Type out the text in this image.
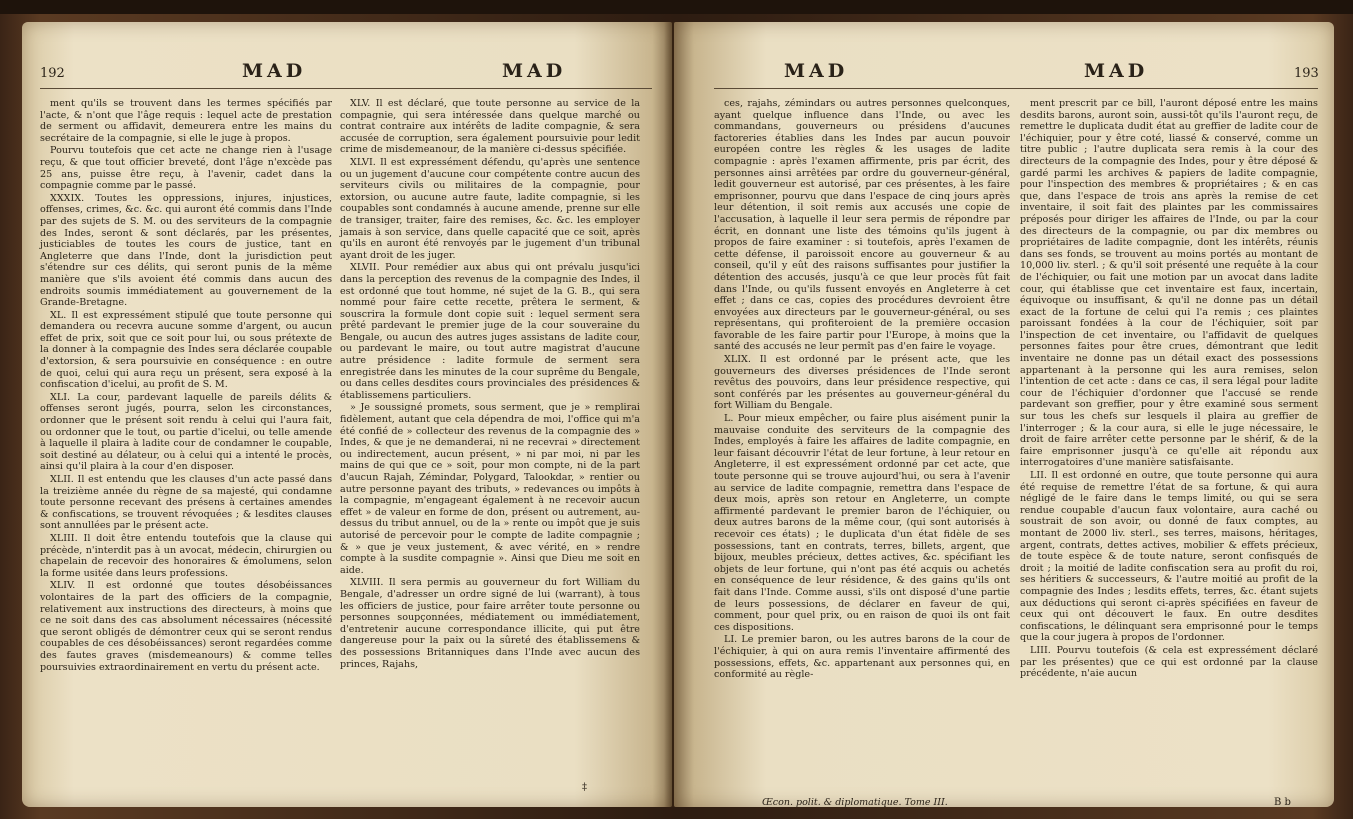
192	MAD	MAD

ment qu'ils se trouvent dans les termes spécifiés par l'acte, & n'ont que l'âge requis : lequel acte de prestation de serment ou affidavit, demeurera entre les mains du secrétaire de la compagnie, si elle le juge à propos.

Pourvu toutefois que cet acte ne change rien à l'usage reçu, & que tout officier breveté, dont l'âge n'excède pas 25 ans, puisse être reçu, à l'avenir, cadet dans la compagnie comme par le passé.

XXXIX. Toutes les oppressions, injures, injustices, offenses, crimes, &c. &c. qui auront été commis dans l'Inde par des sujets de S. M. ou des serviteurs de la compagnie des Indes, seront & sont déclarés, par les présentes, justiciables de toutes les cours de justice, tant en Angleterre que dans l'Inde, dont la jurisdiction peut s'étendre sur ces délits, qui seront punis de la même manière que s'ils avoient été commis dans aucun des endroits soumis immédiatement au gouvernement de la Grande-Bretagne.

XL. Il est expressément stipulé que toute personne qui demandera ou recevra aucune somme d'argent, ou aucun effet de prix, soit que ce soit pour lui, ou sous prétexte de la donner à la compagnie des Indes sera déclarée coupable d'extorsion, & sera poursuivie en conséquence : en outre de quoi, celui qui aura reçu un présent, sera exposé à la confiscation d'icelui, au profit de S. M.

XLI. La cour, pardevant laquelle de pareils délits & offenses seront jugés, pourra, selon les circonstances, ordonner que le présent soit rendu à celui qui l'aura fait, ou ordonner que le tout, ou partie d'icelui, ou telle amende à laquelle il plaira à ladite cour de condamner le coupable, soit destiné au délateur, ou à celui qui a intenté le procès, ainsi qu'il plaira à la cour d'en disposer.

XLII. Il est entendu que les clauses d'un acte passé dans la treizième année du règne de sa majesté, qui condamne toute personne recevant des présens à certaines amendes & confiscations, se trouvent révoquées ; & lesdites clauses sont annullées par le présent acte.

XLIII. Il doit être entendu toutefois que la clause qui précède, n'interdit pas à un avocat, médecin, chirurgien ou chapelain de recevoir des honoraires & émolumens, selon la forme usitée dans leurs professions.

XLIV. Il est ordonné que toutes désobéissances volontaires de la part des officiers de la compagnie, relativement aux instructions des directeurs, à moins que ce ne soit dans des cas absolument nécessaires (nécessité que seront obligés de démontrer ceux qui se seront rendus coupables de ces désobéissances) seront regardées comme des fautes graves (misdemeanours) & comme telles poursuivies extraordinairement en vertu du présent acte.

XLV. Il est déclaré, que toute personne au service de la compagnie, qui sera intéressée dans quelque marché ou contrat contraire aux intérêts de ladite compagnie, & sera accusée de corruption, sera également poursuivie pour ledit crime de misdemeanour, de la manière ci-dessus spécifiée.

XLVI. Il est expressément défendu, qu'après une sentence ou un jugement d'aucune cour compétente contre aucun des serviteurs civils ou militaires de la compagnie, pour extorsion, ou aucune autre faute, ladite compagnie, si les coupables sont condamnés à aucune amende, prenne sur elle de transiger, traiter, faire des remises, &c. &c. les employer jamais à son service, dans quelle capacité que ce soit, après qu'ils en auront été renvoyés par le jugement d'un tribunal ayant droit de les juger.

XLVII. Pour remédier aux abus qui ont prévalu jusqu'ici dans la perception des revenus de la compagnie des Indes, il est ordonné que tout homme, né sujet de la G. B., qui sera nommé pour faire cette recette, prêtera le serment, & souscrira la formule dont copie suit : lequel serment sera prêté pardevant le premier juge de la cour souveraine du Bengale, ou aucun des autres juges assistans de ladite cour, ou pardevant le maire, ou tout autre magistrat d'aucune autre présidence : ladite formule de serment sera enregistrée dans les minutes de la cour suprême du Bengale, ou dans celles desdites cours provinciales des présidences & établissemens particuliers.

» Je soussigné promets, sous serment, que je » remplirai fidèlement, autant que cela dépendra de moi, l'office qui m'a été confié de » collecteur des revenus de la compagnie des » Indes, & que je ne demanderai, ni ne recevrai » directement ou indirectement, aucun présent, » ni par moi, ni par les mains de qui que ce » soit, pour mon compte, ni de la part d'aucun Rajah, Zémindar, Polygard, Talookdar, » rentier ou autre personne payant des tributs, » redevances ou impôts à la compagnie, m'engageant également à ne recevoir aucun effet » de valeur en forme de don, présent ou autrement, au-dessus du tribut annuel, ou de la » rente ou impôt que je suis autorisé de percevoir pour le compte de ladite compagnie ; & » que je veux justement, & avec vérité, en » rendre compte à la susdite compagnie ». Ainsi que Dieu me soit en aide.

XLVIII. Il sera permis au gouverneur du fort William du Bengale, d'adresser un ordre signé de lui (warrant), à tous les officiers de justice, pour faire arrêter toute personne ou personnes soupçonnées, médiatement ou immédiatement, d'entretenir aucune correspondance illicite, qui put être dangereuse pour la paix ou la sûreté des établissemens & des possessions Britanniques dans l'Inde avec aucun des princes, Rajahs,

‡
MAD	MAD	193

ces, rajahs, zémindars ou autres personnes quelconques, ayant quelque influence dans l'Inde, ou avec les commandans, gouverneurs ou présidens d'aucunes factoreries établies dans les Indes par aucun pouvoir européen contre les règles & les usages de ladite compagnie : après l'examen affirmente, pris par écrit, des personnes ainsi arrêtées par ordre du gouverneur-général, ledit gouverneur est autorisé, par ces présentes, à les faire emprisonner, pourvu que dans l'espace de cinq jours après leur détention, il soit remis aux accusés une copie de l'accusation, à laquelle il leur sera permis de répondre par écrit, en donnant une liste des témoins qu'ils jugent à propos de faire examiner : si toutefois, après l'examen de cette défense, il paroissoit encore au gouverneur & au conseil, qu'il y eût des raisons suffisantes pour justifier la détention des accusés, jusqu'à ce que leur procès fût fait dans l'Inde, ou qu'ils fussent envoyés en Angleterre à cet effet ; dans ce cas, copies des procédures devroient être envoyées aux directeurs par le gouverneur-général, ou ses représentans, qui profiteroient de la première occasion favorable de les faire partir pour l'Europe, à moins que la santé des accusés ne leur permît pas d'en faire le voyage.

XLIX. Il est ordonné par le présent acte, que les gouverneurs des diverses présidences de l'Inde seront revêtus des pouvoirs, dans leur présidence respective, qui sont conférés par les présentes au gouverneur-général du fort William du Bengale.

L. Pour mieux empêcher, ou faire plus aisément punir la mauvaise conduite des serviteurs de la compagnie des Indes, employés à faire les affaires de ladite compagnie, en leur faisant découvrir l'état de leur fortune, à leur retour en Angleterre, il est expressément ordonné par cet acte, que toute personne qui se trouve aujourd'hui, ou sera à l'avenir au service de ladite compagnie, remettra dans l'espace de deux mois, après son retour en Angleterre, un compte affirmenté pardevant le premier baron de l'échiquier, ou deux autres barons de la même cour, (qui sont autorisés à recevoir ces états) ; le duplicata d'un état fidèle de ses possessions, tant en contrats, terres, billets, argent, que bijoux, meubles précieux, dettes actives, &c. spécifiant les objets de leur fortune, qui n'ont pas été acquis ou achetés en conséquence de leur résidence, & des gains qu'ils ont fait dans l'Inde. Comme aussi, s'ils ont disposé d'une partie de leurs possessions, de déclarer en faveur de qui, comment, pour quel prix, ou en raison de quoi ils ont fait ces dispositions.

LI. Le premier baron, ou les autres barons de la cour de l'échiquier, à qui on aura remis l'inventaire affirmenté des possessions, effets, &c. appartenant aux personnes qui, en conformité au règle-

ment prescrit par ce bill, l'auront déposé entre les mains desdits barons, auront soin, aussi-tôt qu'ils l'auront reçu, de remettre le duplicata dudit état au greffier de ladite cour de l'échiquier, pour y être coté, liassé & conservé, comme un titre public ; l'autre duplicata sera remis à la cour des directeurs de la compagnie des Indes, pour y être déposé & gardé parmi les archives & papiers de ladite compagnie, pour l'inspection des membres & propriétaires ; & en cas que, dans l'espace de trois ans après la remise de cet inventaire, il soit fait des plaintes par les commissaires préposés pour diriger les affaires de l'Inde, ou par la cour des directeurs de la compagnie, ou par dix membres ou propriétaires de ladite compagnie, dont les intérêts, réunis dans ses fonds, se trouvent au moins portés au montant de 10,000 liv. sterl. ; & qu'il soit présenté une requête à la cour de l'échiquier, ou fait une motion par un avocat dans ladite cour, qui établisse que cet inventaire est faux, incertain, équivoque ou insuffisant, & qu'il ne donne pas un détail exact de la fortune de celui qui l'a remis ; ces plaintes paroissant fondées à la cour de l'échiquier, soit par l'inspection de cet inventaire, ou l'affidavit de quelques personnes faites pour être crues, démontrant que ledit inventaire ne donne pas un détail exact des possessions appartenant à la personne qui les aura remises, selon l'intention de cet acte : dans ce cas, il sera légal pour ladite cour de l'échiquier d'ordonner que l'accusé se rende pardevant son greffier, pour y être examiné sous serment sur tous les chefs sur lesquels il plaira au greffier de l'interroger ; & la cour aura, si elle le juge nécessaire, le droit de faire arrêter cette personne par le shérif, & de la faire emprisonner jusqu'à ce qu'elle ait répondu aux interrogatoires d'une manière satisfaisante.

LII. Il est ordonné en outre, que toute personne qui aura été requise de remettre l'état de sa fortune, & qui aura négligé de le faire dans le temps limité, ou qui se sera rendue coupable d'aucun faux volontaire, aura caché ou soustrait de son avoir, ou donné de faux comptes, au montant de 2000 liv. sterl., ses terres, maisons, héritages, argent, contrats, dettes actives, mobilier & effets précieux, de toute espèce & de toute nature, seront confisqués de droit ; la moitié de ladite confiscation sera au profit du roi, ses héritiers & successeurs, & l'autre moitié au profit de la compagnie des Indes ; lesdits effets, terres, &c. étant sujets aux déductions qui seront ci-après spécifiées en faveur de ceux qui ont découvert le faux. En outre desdites confiscations, le délinquant sera emprisonné pour le temps que la cour jugera à propos de l'ordonner.

LIII. Pourvu toutefois (& cela est expressément déclaré par les présentes) que ce qui est ordonné par la clause précédente, n'aie aucun

Œcon. polit. & diplomatique. Tome III.	B b
